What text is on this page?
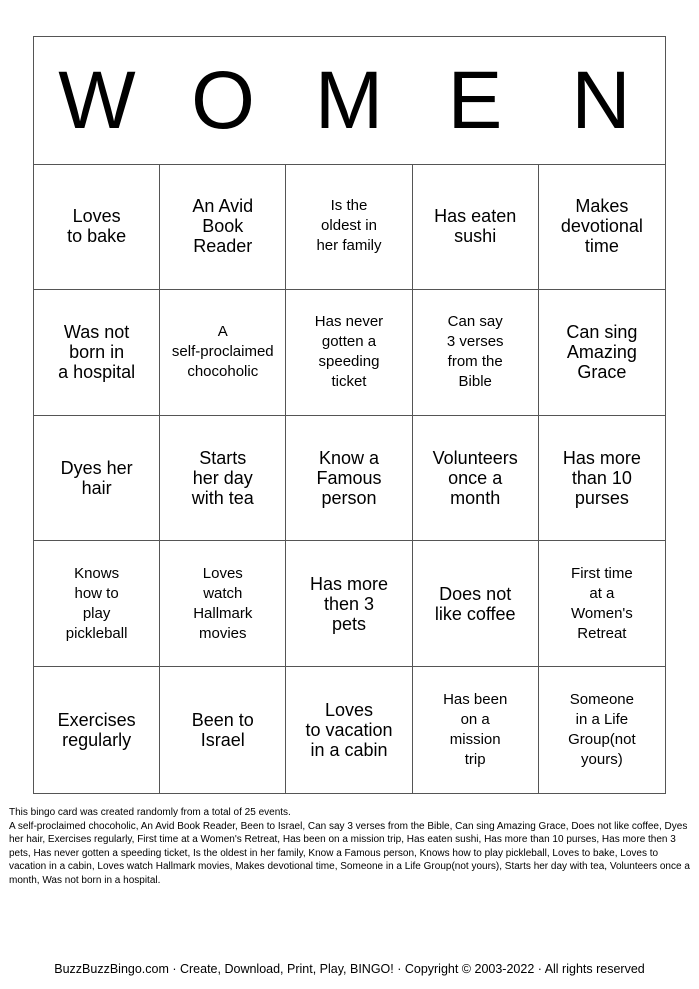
W O M E N
Loves
to bake
An Avid
Book
Reader
Is the
oldest in
her family
Has eaten
sushi
Makes
devotional
time
Was not
born in
a hospital
A
self-proclaimed
chocoholic
Has never
gotten a
speeding
ticket
Can say
3 verses
from the
Bible
Can sing
Amazing
Grace
Dyes her
hair
Starts
her day
with tea
Know a
Famous
person
Volunteers
once a
month
Has more
than 10
purses
Knows
how to
play
pickleball
Loves
watch
Hallmark
movies
Has more
then 3
pets
Does not
like coffee
First time
at a
Women's
Retreat
Exercises
regularly
Been to
Israel
Loves
to vacation
in a cabin
Has been
on a
mission
trip
Someone
in a Life
Group(not
yours)
This bingo card was created randomly from a total of 25 events.
A self-proclaimed chocoholic, An Avid Book Reader, Been to Israel, Can say 3 verses from the Bible, Can sing Amazing Grace, Does not like coffee, Dyes her hair, Exercises regularly, First time at a Women's Retreat, Has been on a mission trip, Has eaten sushi, Has more than 10 purses, Has more then 3 pets, Has never gotten a speeding ticket, Is the oldest in her family, Know a Famous person, Knows how to play pickleball, Loves to bake, Loves to vacation in a cabin, Loves watch Hallmark movies, Makes devotional time, Someone in a Life Group(not yours), Starts her day with tea, Volunteers once a month, Was not born in a hospital.
BuzzBuzzBingo.com · Create, Download, Print, Play, BINGO! · Copyright © 2003-2022 · All rights reserved
